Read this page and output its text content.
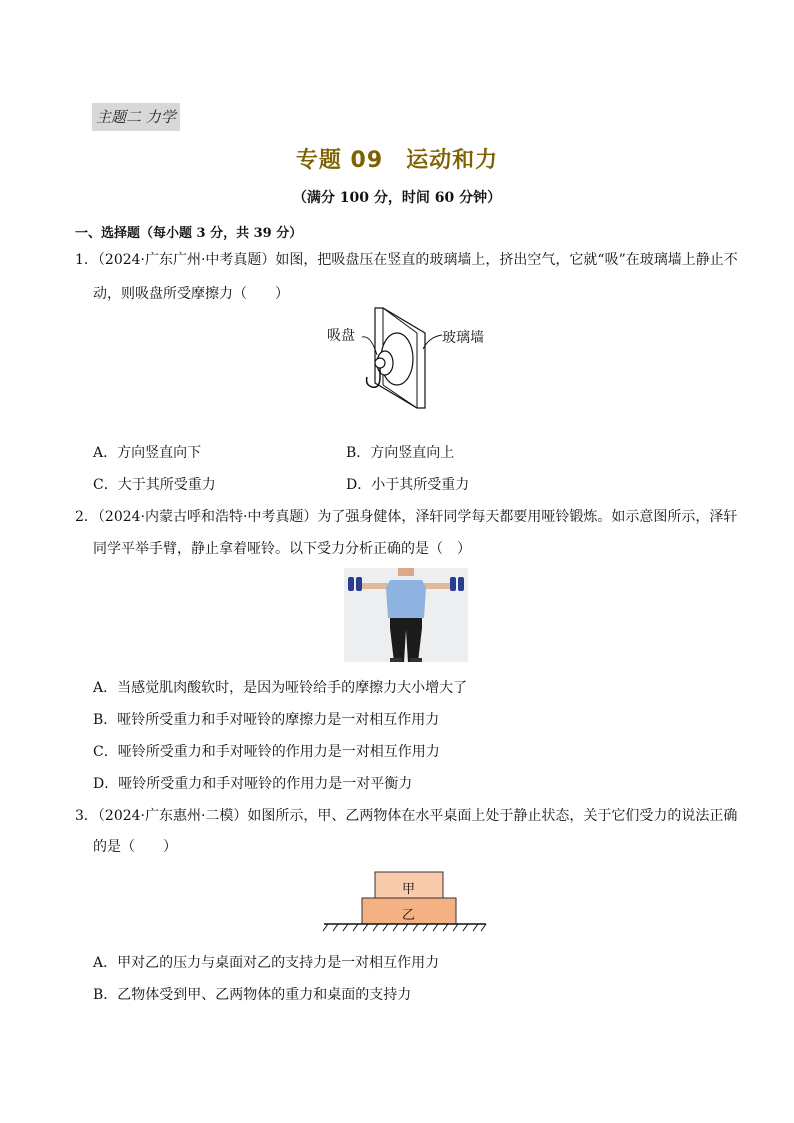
主题二 力学
专题 09　运动和力
（满分 100 分，时间 60 分钟）
一、选择题（每小题 3 分，共 39 分）
1．（2024·广东广州·中考真题）如图，把吸盘压在竖直的玻璃墙上，挤出空气，它就“吸”在玻璃墙上静止不
动，则吸盘所受摩擦力（　　）
吸盘	玻璃墙
A．方向竖直向下	B．方向竖直向上
C．大于其所受重力	D．小于其所受重力
2．（2024·内蒙古呼和浩特·中考真题）为了强身健体，泽轩同学每天都要用哑铃锻炼。如示意图所示，泽轩
同学平举手臂，静止拿着哑铃。以下受力分析正确的是（　）
A．当感觉肌肉酸软时，是因为哑铃给手的摩擦力大小增大了
B．哑铃所受重力和手对哑铃的摩擦力是一对相互作用力
C．哑铃所受重力和手对哑铃的作用力是一对相互作用力
D．哑铃所受重力和手对哑铃的作用力是一对平衡力
3．（2024·广东惠州·二模）如图所示，甲、乙两物体在水平桌面上处于静止状态，关于它们受力的说法正确
的是（　　）
甲
乙
A．甲对乙的压力与桌面对乙的支持力是一对相互作用力
B．乙物体受到甲、乙两物体的重力和桌面的支持力
